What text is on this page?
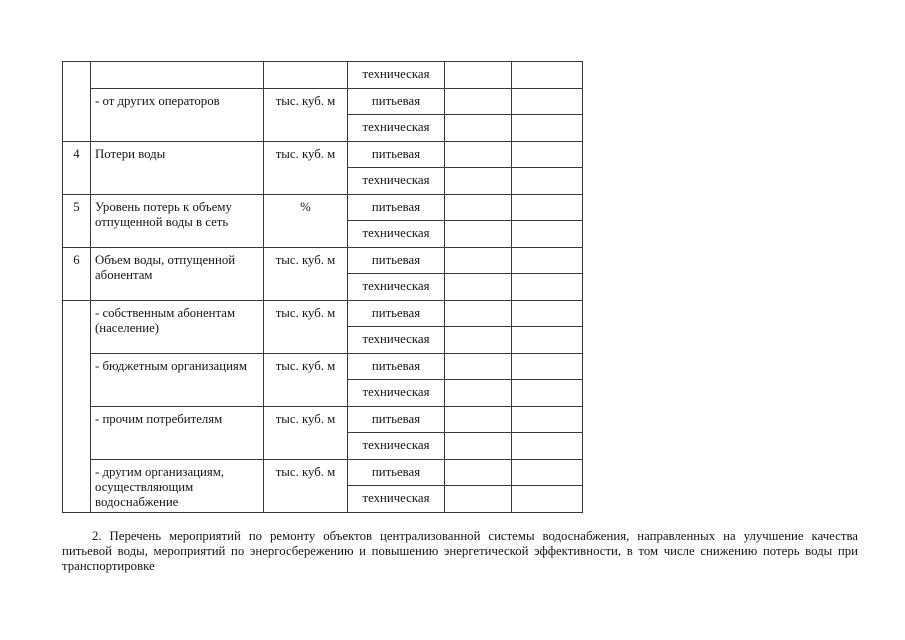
			техническая		
	- от других операторов	тыс. куб. м	питьевая		
			техническая		
4	Потери воды	тыс. куб. м	питьевая		
			техническая		
5	Уровень потерь к объему
отпущенной воды в сеть	%	питьевая		
			техническая		
6	Объем воды, отпущенной
абонентам	тыс. куб. м	питьевая		
			техническая		
	- собственным абонентам
(население)	тыс. куб. м	питьевая		
			техническая		
	- бюджетным организациям	тыс. куб. м	питьевая		
			техническая		
	- прочим потребителям	тыс. куб. м	питьевая		
			техническая		
	- другим организациям,
осуществляющим
водоснабжение	тыс. куб. м	питьевая		
			техническая		
2. Перечень мероприятий по ремонту объектов централизованной системы водоснабжения, направленных на улучшение качества
питьевой воды, мероприятий по энергосбережению и повышению энергетической эффективности, в том числе снижению потерь воды при
транспортировке
